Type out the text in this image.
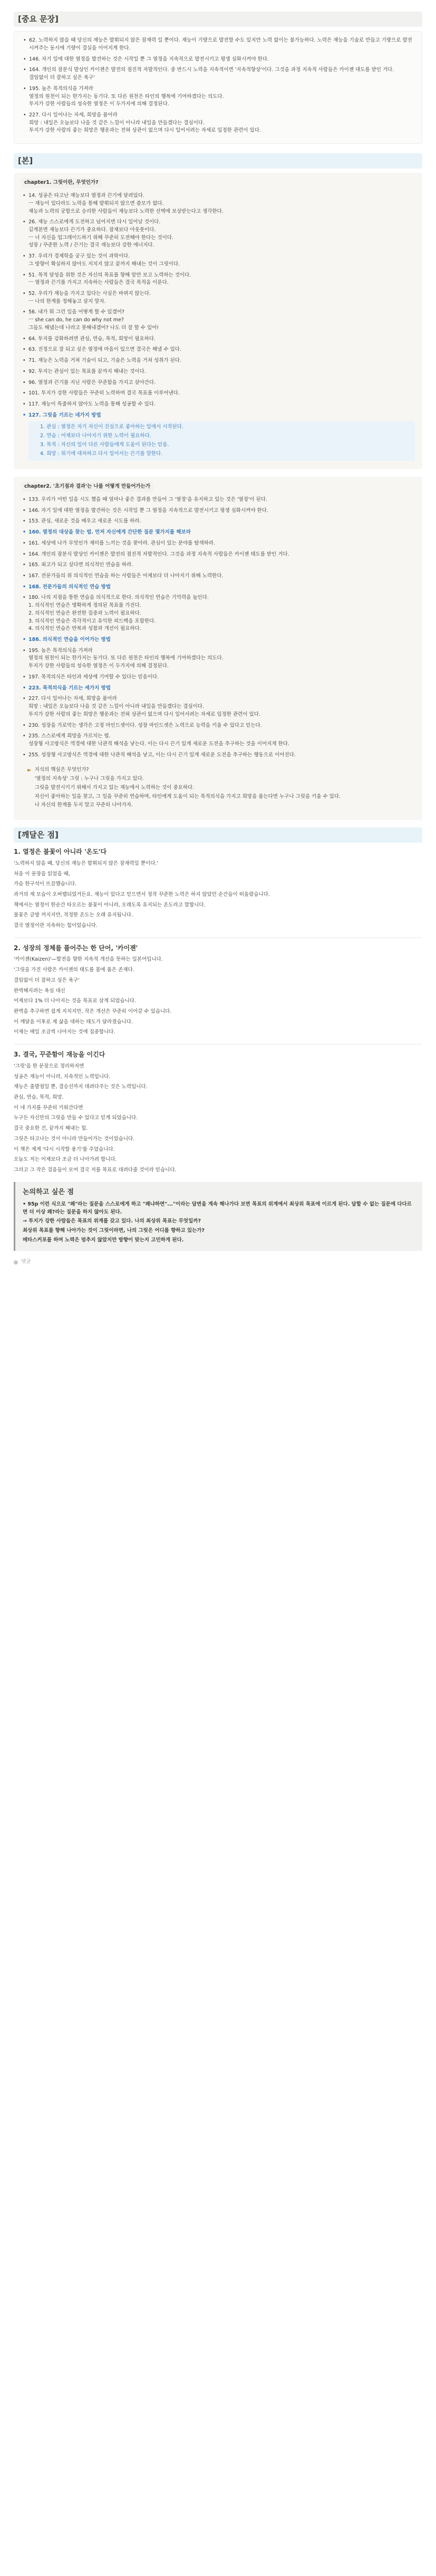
[중요 문장]
• 62. 노력하지 않을 때 당신의 재능은 발휘되지 않은 잠재력 일 뿐이다. 재능이 기량으로 발전할 수도 있지만 노력 없이는 불가능하다. 노력은 재능을 기술로 만들고 기량으로 발전시켜주는 동시에 기량이 결실을 이어지게 한다.
• 146. 자기 일에 대한 열정을 발견하는 것은 시작일 뿐 그 열정을 지속적으로 발전시키고 평생 심화시켜야 한다.
• 164. 개인의 잠분식 발상인 카이젠은 발전의 점진적 자발적인다. 중 반드시 노력을 지속적이면 '지속적향상'이다. 그것을 과정 지속적 사람들은 카이젠 대도를 받인 거다.
결임없이 더 잘하고 싶은 욕구'
• 195. 놀은 목적의식을 가져라
열정의 원천이 되는 한가지는 동기다. 또 다른 원천은 타인의 행복에 기여하겠다는 의도다.
투지가 강한 사람들의 성숙한 열정은 이 두가지에 의해 결정된다.
• 227. 다시 일어나는 자세, 희망을 품어라
희망 : 내일은 오늘보다 나을 것 같은 느낌이 아니라 내일을 만들겠다는 결심이다.
투지가 강한 사람의 좋는 희망은 행운과는 전혀 상관이 없으며 다시 일어서려는 자세로 입정한 관련이 있다.
[본]
chapter1. 그릿이란, 무엇인가?
• 14. 성공은 타고난 재능보다 열정과 끈기에 달려있다.
ㅡ 재능이 있다라도 노력을 통해 발휘되지 않으면 쓸모가 없다.
재능과 노력의 궁합으로 승리한 사람들이 재능보다 노력한 선택에 보상받는다고 생각한다.
• 26. 재능 스스로에게 도전하고 넘어지면 다시 일어날 것이다.
길게본면 재능보다 끈기가 중요하다. 잠재보다 아웃풋이다.
ㅡ 너 자신을 업그레이드하기 위해 꾸준히 도전해야 한다는 것이다.
성장 / 꾸준한 노력 / 끈기는 결국 재능보다 강한 에너지다.
• 37. 우리가 경제학을 궁구 있는 것이 과학이다.
그 방향이 확실하지 않아도 지치지 않고 끝까지 해내는 것이 그릿이다.
• 51. 목적 달성을 위한 것은 자신의 목표를 향해 앞만 보고 노력하는 것이다.
ㅡ 열정과 끈기를 가지고 지속하는 사람들은 결국 목적을 이룬다.
• 52. 우리가 재능을 가지고 있다는 사실은 바뀌지 않는다.
ㅡ 나의 한계를 정해놓고 살지 말자.
• 56. 내가 뭐 그런 일을 어떻게 할 수 있겠어?
ㅡ she can do, he can do why not me?
그들도 해냈는데 나라고 못해내겠어? 나도 더 잘 할 수 있어!
• 64. 투지를 강화하려면 관심, 연습, 목적, 희망이 필요하다.
• 63. 진정으로 잘 되고 싶은 열정에 마음이 있으면 결국은 해낼 수 있다.
• 71. 재능은 노력을 거쳐 기술이 되고, 기술은 노력을 거쳐 성취가 된다.
• 92. 투지는 관심이 있는 목표를 끝까지 해내는 것이다.
• 96. 열정과 끈기를 지닌 사람은 꾸준함을 가지고 살아간다.
• 101. 투지가 강한 사람들은 꾸준히 노력하며 결국 목표를 이루어낸다.
• 117. 재능이 특출하지 않아도 노력을 통해 성공할 수 있다.
• 127. 그릿을 기르는 네가지 방법
1. 관심 : 열정은 자기 자신이 진심으로 좋아하는 일에서 시작된다.
2. 연습 : 어제보다 나아지기 위한 노력이 필요하다.
3. 목적 : 자신의 일이 다른 사람들에게 도움이 된다는 믿음.
4. 희망 : 위기에 대처하고 다시 일어서는 끈기를 말한다.
chapter2. '초기점과 결과'는 나를 어떻게 만들어가는가
• 133. 우리가 어떤 일을 시도 했을 때 얼마나 좋은 결과를 만들어 그 '열정'을 유지하고 있는 것은 '열정'이 된다.
• 146. 자기 일에 대한 열정을 발견하는 것은 시작일 뿐 그 열정을 지속적으로 발전시키고 평생 심화시켜야 한다.
• 153. 관심, 새로운 것을 배우고 새로운 시도를 하라.
• 160. 열정의 대상을 찾는 법. 먼저 자신에게 간단한 질문 몇가지를 해보라
• 161. 세상에 나가 무엇인가 재미를 느끼는 것을 찾아라. 관심이 있는 분야를 탐색하라.
• 164. 개인의 잠분식 발상인 카이젠은 발전의 점진적 자발적인다. 그것을 과정 지속적 사람들은 카이젠 태도를 받인 거다.
• 165. 최고가 되고 싶다면 의식적인 연습을 하라.
• 167. 전문가들의 위 의식적인 연습을 하는 사람들은 어제보다 더 나아지기 위해 노력한다.
• 168. 전문가들의 의식적인 연습 방법
• 180. 나의 지점을 통한 연습을 의식적으로 한다. 의식적인 연습은 기억력을 높인다.
1. 의식적인 연습은 명확하게 정의된 목표를 가진다.
2. 의식적인 연습은 완전한 집중과 노력이 필요하다.
3. 의식적인 연습은 즉각적이고 유익한 피드백을 포함한다.
4. 의식적인 연습은 반복과 성찰과 개선이 필요하다.
• 186. 의식적인 연습을 이어가는 방법
• 195. 놀은 목적의식을 가져라
열정의 원천이 되는 한가지는 동기다. 또 다른 원천은 타인의 행복에 기여하겠다는 의도다.
투지가 강한 사람들의 성숙한 열정은 이 두가지에 의해 결정된다.
• 197. 목적의식은 타인과 세상에 기여할 수 있다는 믿음이다.
• 223. 목적의식을 기르는 세가지 방법
• 227. 다시 일어나는 자세, 희망을 품어라
희망 : 내일은 오늘보다 나을 것 같은 느낌이 아니라 내일을 만들겠다는 결심이다.
투지가 강한 사람의 좋는 희망은 행운과는 전혀 상관이 없으며 다시 일어서려는 자세로 입정한 관련이 있다.
• 230. 성장을 가로막는 생각은 고정 마인드셋이다. 성장 마인드셋은 노력으로 능력을 키울 수 있다고 믿는다.
• 235. 스스로에게 희망을 가르치는 법.
성장형 사고방식은 역경에 대한 낙관적 해석을 낳는다. 이는 다시 끈기 있게 새로운 도전을 추구하는 것을 이어지게 한다.
• 255. 성장형 사고방식은 역경에 대한 낙관적 해석을 낳고, 이는 다시 끈기 있게 새로운 도전을 추구하는 행동으로 이어진다.
► 지식의 핵심은 무엇인가?

'열정의 지속성' 그릿 : 누구나 그릿을 가지고 있다.

그릿을 발전시키기 위해서 가지고 있는 재능에서 노력하는 것이 중요하다.

자신이 좋아하는 일을 찾고, 그 일을 꾸준히 연습하며, 타인에게 도움이 되는 목적의식을 가지고 희망을 품는다면 누구나 그릿을 키울 수 있다.

나 자신의 한계를 두지 말고 꾸준히 나아가자.

[깨달은 점]
1. 열정은 불꽃이 아니라 '온도'다

'노력하지 않을 때, 당신의 재능은 발휘되지 않은 잠재력일 뿐이다.'

처음 이 문장을 읽었을 때,

가슴 한구석이 뜨끔했습니다.

과거의 제 모습이 오버랩되었거든요. 재능이 있다고 믿으면서 정작 꾸준한 노력은 하지 않았던 순간들이 떠올랐습니다.

책에서는 열정이 한순간 타오르는 불꽃이 아니라, 오래도록 유지되는 온도라고 말합니다.

불꽃은 금방 꺼지지만, 적정한 온도는 오래 유지됩니다.

결국 열정이란 지속하는 힘이었습니다.

2. 성장의 정체를 풀어주는 한 단어, '카이젠'

'카이젠(Kaizen)'—발전을 향한 지속적 개선을 뜻하는 일본어입니다.

'그릿을 가진 사람은 카이젠의 태도를 몸에 품은 존재다.

결임없이 더 잘하고 싶은 욕구'

완벽해지려는 욕심 대신

어제보다 1% 더 나아지는 것을 목표로 삼게 되었습니다.

완벽을 추구하면 쉽게 지치지만, 작은 개선은 꾸준히 이어갈 수 있습니다.

이 깨달음 이후로 제 삶을 대하는 태도가 달라졌습니다.

이제는 매일 조금씩 나아지는 것에 집중합니다.

3. 결국, 꾸준함이 재능을 이긴다

'그릿'을 한 문장으로 정리하자면

성공은 재능이 아니라, 지속적인 노력입니다.

재능은 출발점일 뿐, 결승선까지 데려다주는 것은 노력입니다.

관심, 연습, 목적, 희망.

이 네 가지를 꾸준히 키워간다면

누구든 자신만의 그릿을 만들 수 있다고 믿게 되었습니다.

결국 중요한 건, 끝까지 해내는 힘.

그릿은 타고나는 것이 아니라 만들어가는 것이었습니다.

이 책은 제게 '다시 시작할 용기'를 주었습니다.

오늘도 저는 어제보다 조금 더 나아가려 합니다.

그리고 그 작은 걸음들이 모여 결국 저를 목표로 데려다줄 것이라 믿습니다.

논의하고 싶은 점

• 95p 이런 식으로 "왜"라는 질문을 스스로에게 하고 "왜냐하면"..."이라는 답변을 계속 해나가다 보면 목표의 위계에서 최상위 목표에 이르게 된다. 답할 수 없는 질문에 다다르면 더 이상 왜?라는 질문을 하지 않아도 된다.

→ 투지가 강한 사람들은 목표의 위계를 갖고 있다. 나의 최상위 목표는 무엇일까?

최상위 목표를 향해 나아가는 것이 그릿이라면, 나의 그릿은 어디를 향하고 있는가?

메타스커포를 하며 노력은 멈추지 않았지만 방향이 맞는지 고민하게 된다.

댓글
